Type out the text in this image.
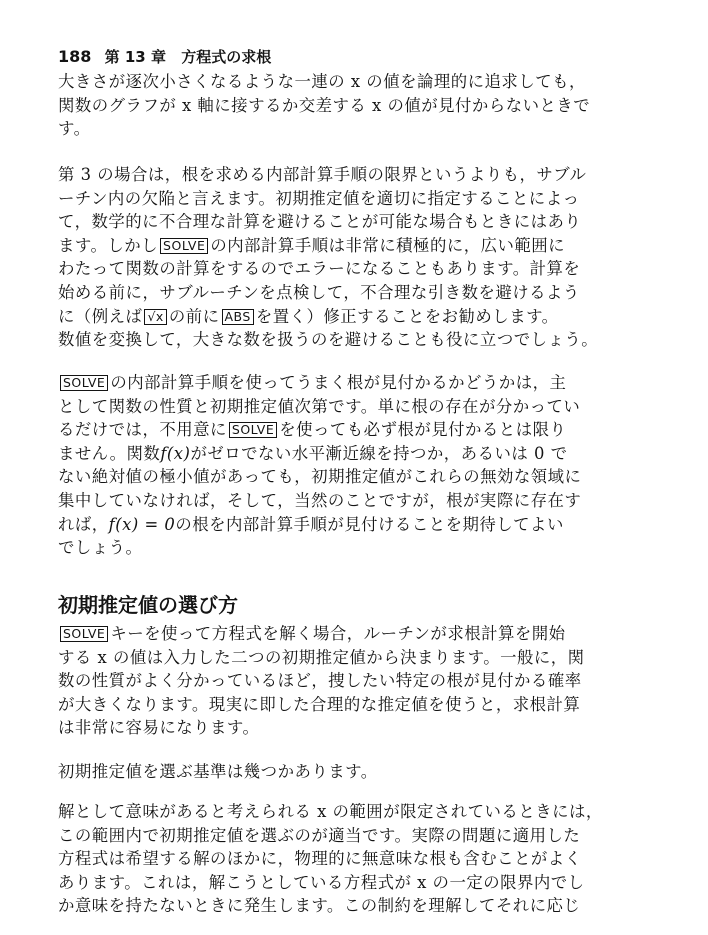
188 第 13 章 方程式の求根
大きさが逐次小さくなるような一連の x の値を論理的に追求しても，
関数のグラフが x 軸に接するか交差する x の値が見付からないときで
す。
第 3 の場合は，根を求める内部計算手順の限界というよりも，サブル
ーチン内の欠陥と言えます。初期推定値を適切に指定することによっ
て，数学的に不合理な計算を避けることが可能な場合もときにはあり
ます。しかし SOLVE の内部計算手順は非常に積極的に，広い範囲に
わたって関数の計算をするのでエラーになることもあります。計算を
始める前に，サブルーチンを点検して，不合理な引き数を避けるよう
に（例えば √x の前に ABS を置く）修正することをお勧めします。
数値を変換して，大きな数を扱うのを避けることも役に立つでしょう。
SOLVE の内部計算手順を使ってうまく根が見付かるかどうかは，主
として関数の性質と初期推定値次第です。単に根の存在が分かってい
るだけでは，不用意に SOLVE を使っても必ず根が見付かるとは限り
ません。関数f(x)がゼロでない水平漸近線を持つか，あるいは 0 で
ない絶対値の極小値があっても，初期推定値がこれらの無効な領域に
集中していなければ，そして，当然のことですが，根が実際に存在す
れば，f(x) = 0の根を内部計算手順が見付けることを期待してよい
でしょう。
初期推定値の選び方
SOLVE キーを使って方程式を解く場合，ルーチンが求根計算を開始
する x の値は入力した二つの初期推定値から決まります。一般に，関
数の性質がよく分かっているほど，捜したい特定の根が見付かる確率
が大きくなります。現実に即した合理的な推定値を使うと，求根計算
は非常に容易になります。
初期推定値を選ぶ基準は幾つかあります。
解として意味があると考えられる x の範囲が限定されているときには，
この範囲内で初期推定値を選ぶのが適当です。実際の問題に適用した
方程式は希望する解のほかに，物理的に無意味な根も含むことがよく
あります。これは，解こうとしている方程式が x の一定の限界内でし
か意味を持たないときに発生します。この制約を理解してそれに応じ
